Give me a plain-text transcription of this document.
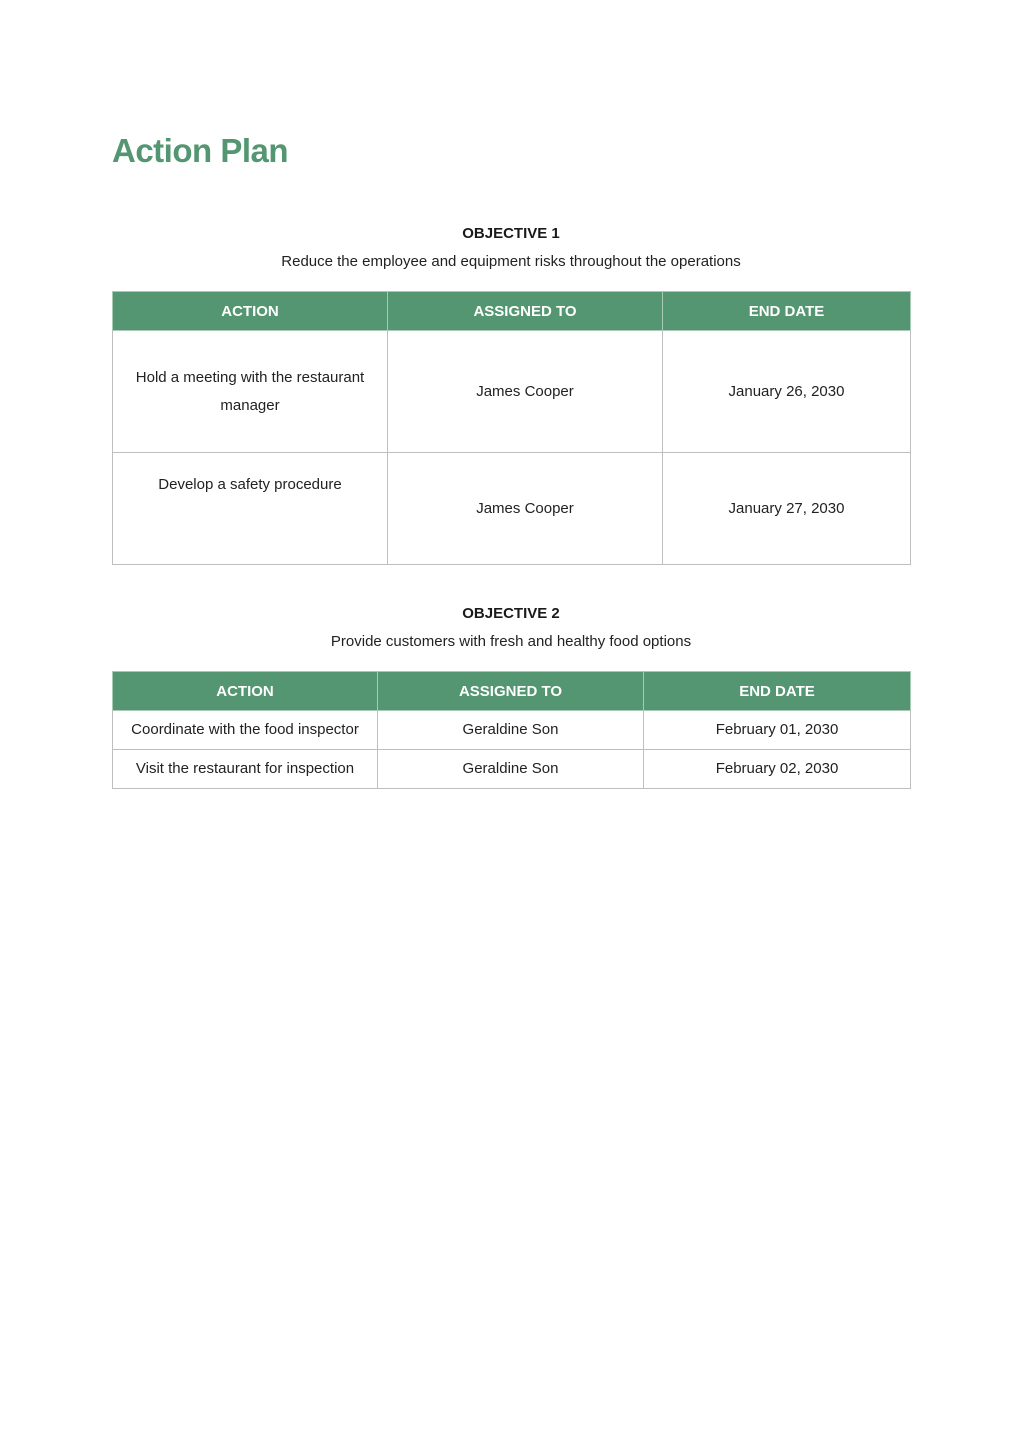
Action Plan

OBJECTIVE 1

Reduce the employee and equipment risks throughout the operations

ACTION	ASSIGNED TO	END DATE
Hold a meeting with the restaurant manager	James Cooper	January 26, 2030
Develop a safety procedure	James Cooper	January 27, 2030

OBJECTIVE 2

Provide customers with fresh and healthy food options

ACTION	ASSIGNED TO	END DATE
Coordinate with the food inspector	Geraldine Son	February 01, 2030
Visit the restaurant for inspection	Geraldine Son	February 02, 2030
